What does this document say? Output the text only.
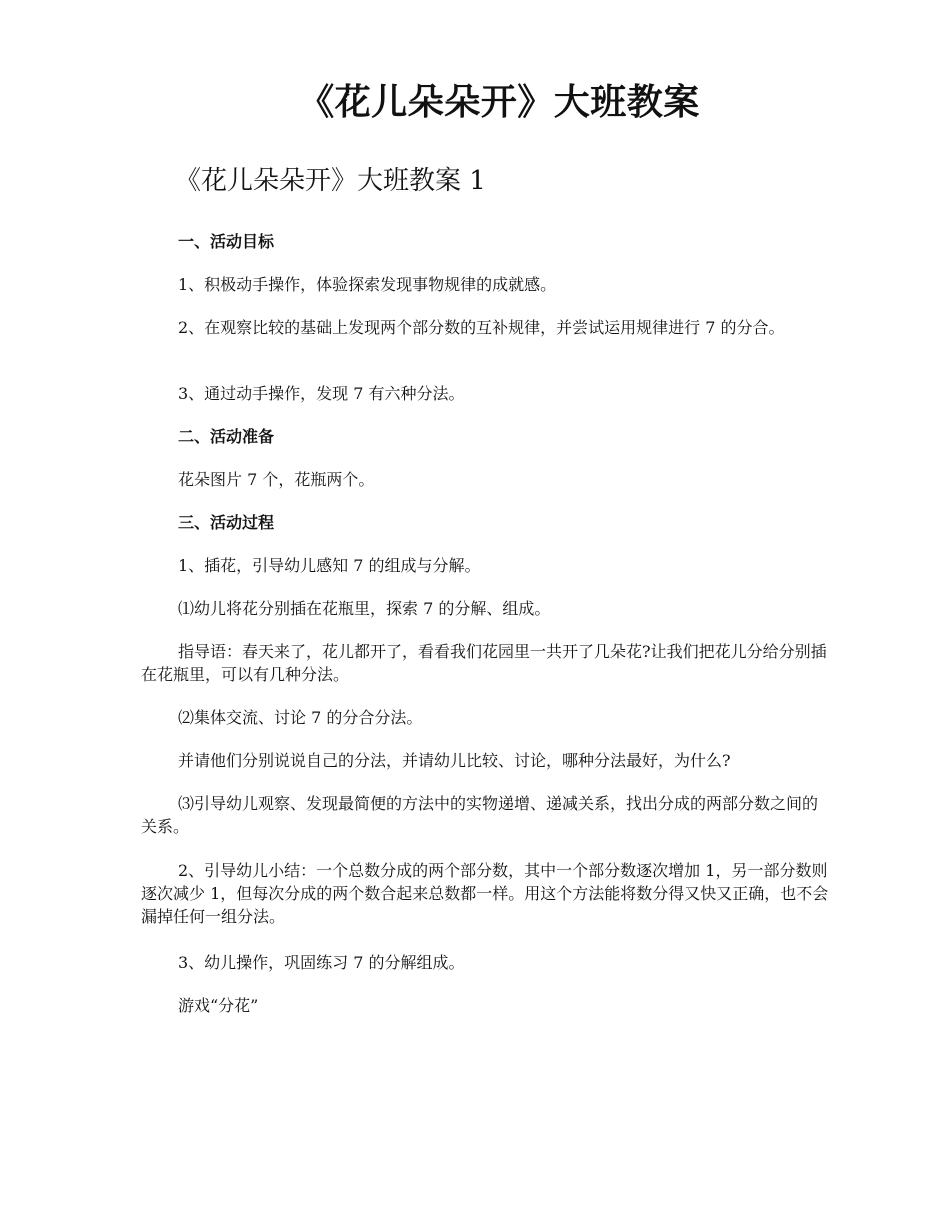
《花儿朵朵开》大班教案
《花儿朵朵开》大班教案 1

一、活动目标

1、积极动手操作，体验探索发现事物规律的成就感。

2、在观察比较的基础上发现两个部分数的互补规律，并尝试运用规律进行 7 的分合。

3、通过动手操作，发现 7 有六种分法。

二、活动准备

花朵图片 7 个，花瓶两个。

三、活动过程

1、插花，引导幼儿感知 7 的组成与分解。

⑴幼儿将花分别插在花瓶里，探索 7 的分解、组成。

指导语：春天来了，花儿都开了，看看我们花园里一共开了几朵花?让我们把花儿分给分别插在花瓶里，可以有几种分法。

⑵集体交流、讨论 7 的分合分法。

并请他们分别说说自己的分法，并请幼儿比较、讨论，哪种分法最好，为什么?

⑶引导幼儿观察、发现最简便的方法中的实物递增、递减关系，找出分成的两部分数之间的关系。

2、引导幼儿小结：一个总数分成的两个部分数，其中一个部分数逐次增加 1，另一部分数则逐次减少 1，但每次分成的两个数合起来总数都一样。用这个方法能将数分得又快又正确，也不会漏掉任何一组分法。

3、幼儿操作，巩固练习 7 的分解组成。

游戏“分花”
